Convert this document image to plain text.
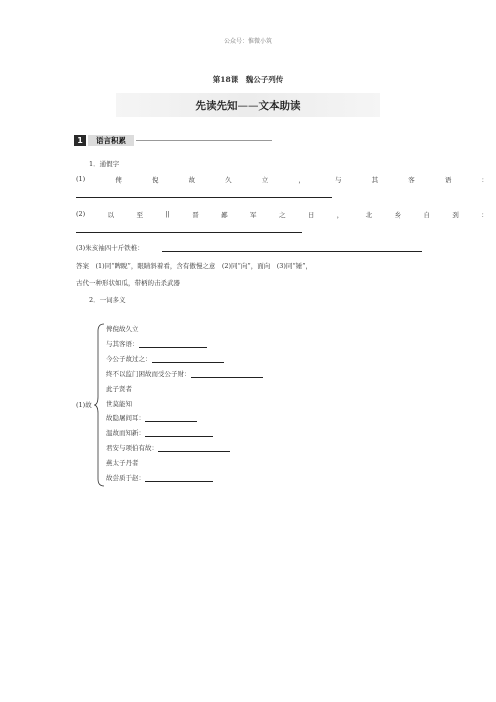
公众号：惟微小筑
第18课　魏公子列传
先读先知——文本助读
1	语言积累
1．通假字
(1)	俾 、	倪 、	故	久	立	，	与	其	客	语	：
(2)	以	至	||	晋	鄙	军	之	日	，	北	乡 、	自	刭	：
(3)朱亥袖四十斤铁椎：
答案　(1)同“睥睨”，眼睛斜着看，含有傲慢之意　(2)同“向”，面向　(3)同“锤”，
古代一种形状如瓜，带柄的击杀武器
2．一词多义
(1)故
俾倪故久立
与其客语：
今公子故过之：
终不以监门困故而受公子财：
此子贤者
世莫能知
故隐屠间耳：
温故而知新：
君安与项伯有故：
燕太子丹者
故尝质于赵：
